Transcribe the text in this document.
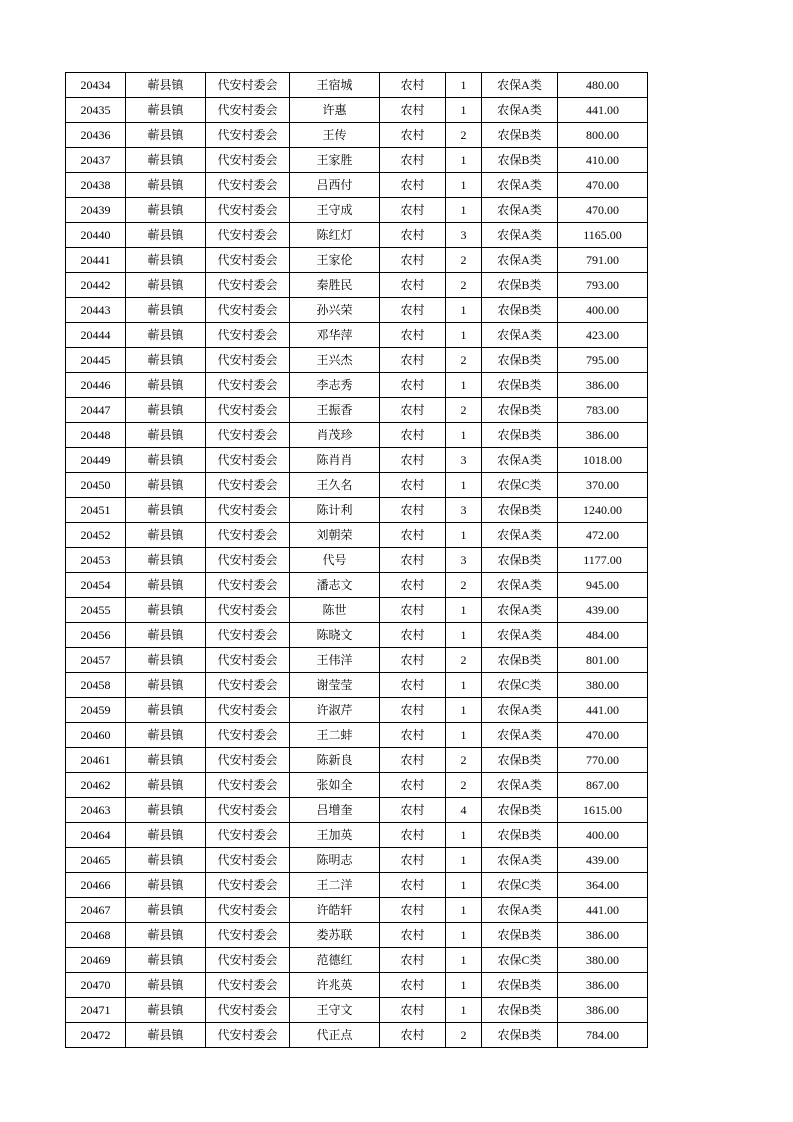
20434	蕲县镇	代安村委会	王宿城	农村	1	农保A类	480.00
20435	蕲县镇	代安村委会	许惠	农村	1	农保A类	441.00
20436	蕲县镇	代安村委会	王传	农村	2	农保B类	800.00
20437	蕲县镇	代安村委会	王家胜	农村	1	农保B类	410.00
20438	蕲县镇	代安村委会	吕西付	农村	1	农保A类	470.00
20439	蕲县镇	代安村委会	王守成	农村	1	农保A类	470.00
20440	蕲县镇	代安村委会	陈红灯	农村	3	农保A类	1165.00
20441	蕲县镇	代安村委会	王家伦	农村	2	农保A类	791.00
20442	蕲县镇	代安村委会	秦胜民	农村	2	农保B类	793.00
20443	蕲县镇	代安村委会	孙兴荣	农村	1	农保B类	400.00
20444	蕲县镇	代安村委会	邓华萍	农村	1	农保A类	423.00
20445	蕲县镇	代安村委会	王兴杰	农村	2	农保B类	795.00
20446	蕲县镇	代安村委会	李志秀	农村	1	农保B类	386.00
20447	蕲县镇	代安村委会	王振香	农村	2	农保B类	783.00
20448	蕲县镇	代安村委会	肖茂珍	农村	1	农保B类	386.00
20449	蕲县镇	代安村委会	陈肖肖	农村	3	农保A类	1018.00
20450	蕲县镇	代安村委会	王久名	农村	1	农保C类	370.00
20451	蕲县镇	代安村委会	陈计利	农村	3	农保B类	1240.00
20452	蕲县镇	代安村委会	刘朝荣	农村	1	农保A类	472.00
20453	蕲县镇	代安村委会	代号	农村	3	农保B类	1177.00
20454	蕲县镇	代安村委会	潘志文	农村	2	农保A类	945.00
20455	蕲县镇	代安村委会	陈世	农村	1	农保A类	439.00
20456	蕲县镇	代安村委会	陈晓文	农村	1	农保A类	484.00
20457	蕲县镇	代安村委会	王伟洋	农村	2	农保B类	801.00
20458	蕲县镇	代安村委会	谢莹莹	农村	1	农保C类	380.00
20459	蕲县镇	代安村委会	许淑芹	农村	1	农保A类	441.00
20460	蕲县镇	代安村委会	王二蚌	农村	1	农保A类	470.00
20461	蕲县镇	代安村委会	陈新良	农村	2	农保B类	770.00
20462	蕲县镇	代安村委会	张如全	农村	2	农保A类	867.00
20463	蕲县镇	代安村委会	吕增奎	农村	4	农保B类	1615.00
20464	蕲县镇	代安村委会	王加英	农村	1	农保B类	400.00
20465	蕲县镇	代安村委会	陈明志	农村	1	农保A类	439.00
20466	蕲县镇	代安村委会	王二洋	农村	1	农保C类	364.00
20467	蕲县镇	代安村委会	许皓轩	农村	1	农保A类	441.00
20468	蕲县镇	代安村委会	娄苏联	农村	1	农保B类	386.00
20469	蕲县镇	代安村委会	范德红	农村	1	农保C类	380.00
20470	蕲县镇	代安村委会	许兆英	农村	1	农保B类	386.00
20471	蕲县镇	代安村委会	王守文	农村	1	农保B类	386.00
20472	蕲县镇	代安村委会	代正点	农村	2	农保B类	784.00
